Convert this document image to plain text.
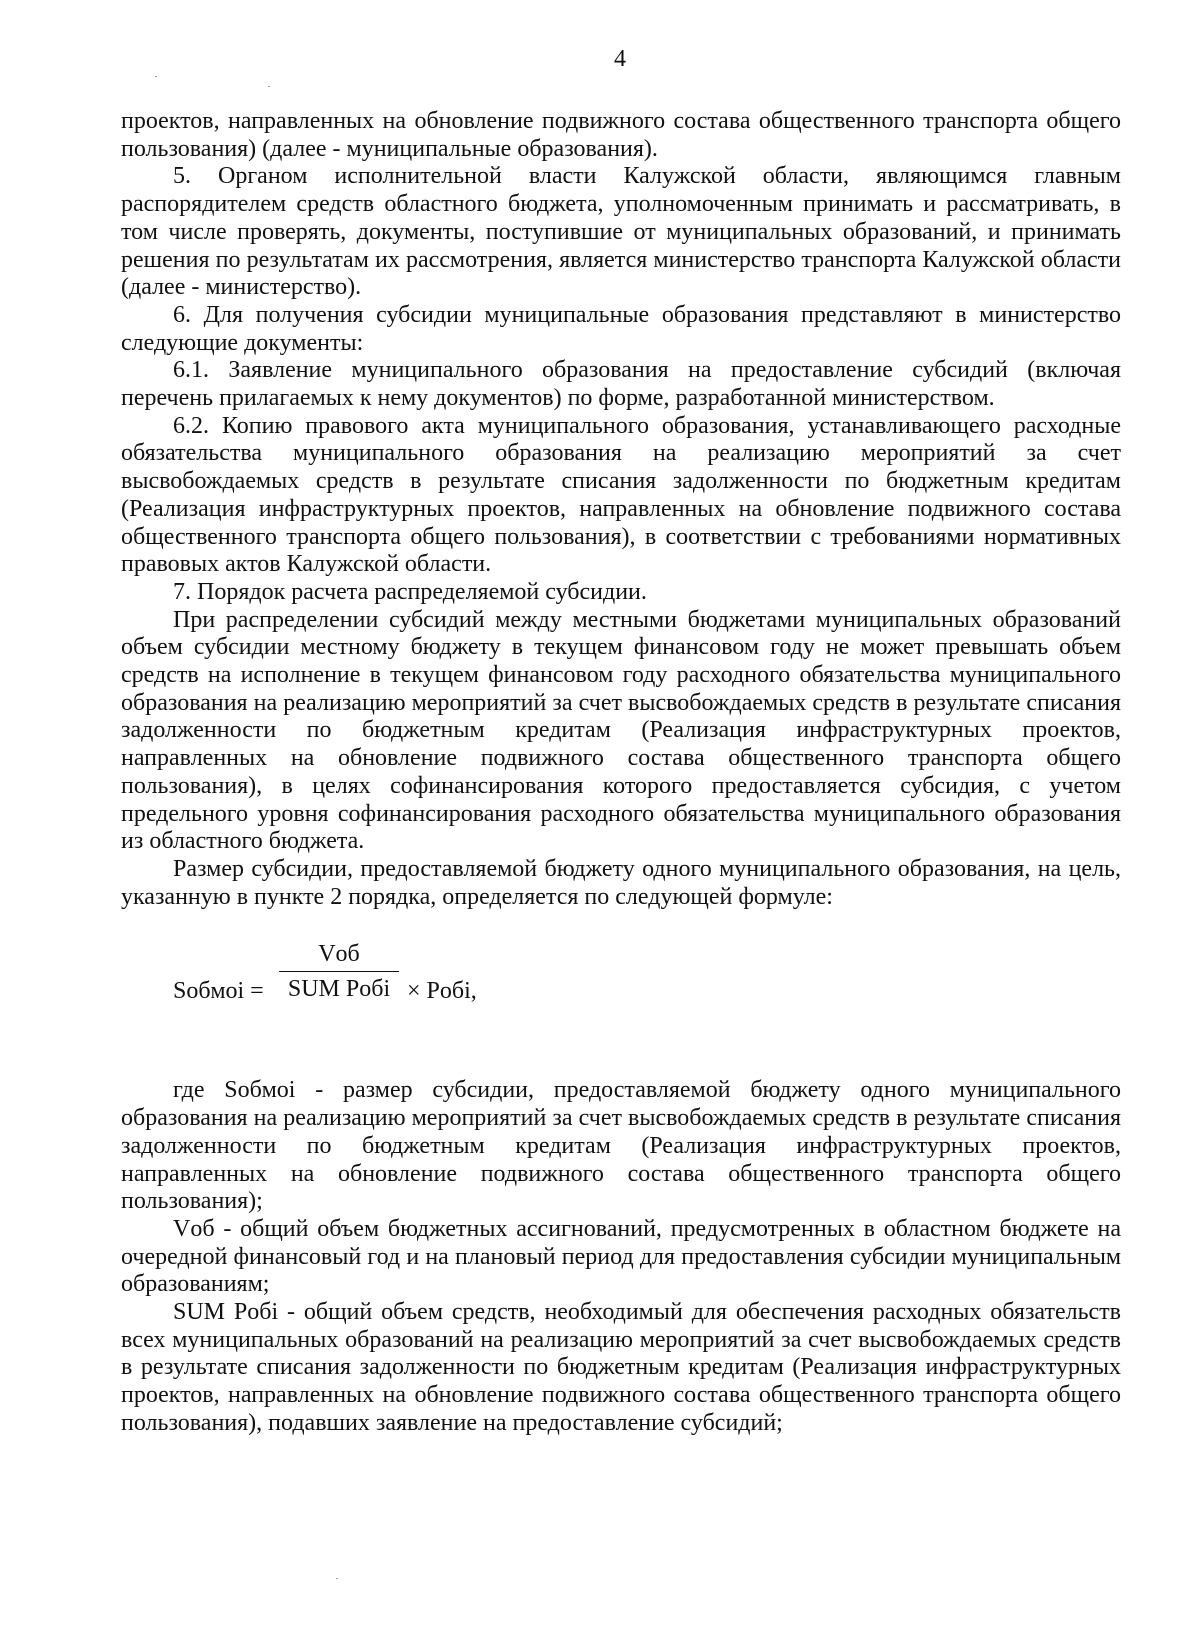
4

проектов, направленных на обновление подвижного состава общественного транспорта общего пользования) (далее - муниципальные образования).

5. Органом исполнительной власти Калужской области, являющимся главным распорядителем средств областного бюджета, уполномоченным принимать и рассматривать, в том числе проверять, документы, поступившие от муниципальных образований, и принимать решения по результатам их рассмотрения, является министерство транспорта Калужской области (далее - министерство).

6. Для получения субсидии муниципальные образования представляют в министерство следующие документы:

6.1. Заявление муниципального образования на предоставление субсидий (включая перечень прилагаемых к нему документов) по форме, разработанной министерством.

6.2. Копию правового акта муниципального образования, устанавливающего расходные обязательства муниципального образования на реализацию мероприятий за счет высвобождаемых средств в результате списания задолженности по бюджетным кредитам (Реализация инфраструктурных проектов, направленных на обновление подвижного состава общественного транспорта общего пользования), в соответствии с требованиями нормативных правовых актов Калужской области.

7. Порядок расчета распределяемой субсидии.

При распределении субсидий между местными бюджетами муниципальных образований объем субсидии местному бюджету в текущем финансовом году не может превышать объем средств на исполнение в текущем финансовом году расходного обязательства муниципального образования на реализацию мероприятий за счет высвобождаемых средств в результате списания задолженности по бюджетным кредитам (Реализация инфраструктурных проектов, направленных на обновление подвижного состава общественного транспорта общего пользования), в целях софинансирования которого предоставляется субсидия, с учетом предельного уровня софинансирования расходного обязательства муниципального образования из областного бюджета.

Размер субсидии, предоставляемой бюджету одного муниципального образования, на цель, указанную в пункте 2 порядка, определяется по следующей формуле:

Sобмоi =
Vоб
SUM Pобi × Pобi,

где Sобмоi - размер субсидии, предоставляемой бюджету одного муниципального образования на реализацию мероприятий за счет высвобождаемых средств в результате списания задолженности по бюджетным кредитам (Реализация инфраструктурных проектов, направленных на обновление подвижного состава общественного транспорта общего пользования);

Vоб - общий объем бюджетных ассигнований, предусмотренных в областном бюджете на очередной финансовый год и на плановый период для предоставления субсидии муниципальным образованиям;

SUM Pобi - общий объем средств, необходимый для обеспечения расходных обязательств всех муниципальных образований на реализацию мероприятий за счет высвобождаемых средств в результате списания задолженности по бюджетным кредитам (Реализация инфраструктурных проектов, направленных на обновление подвижного состава общественного транспорта общего пользования), подавших заявление на предоставление субсидий;
